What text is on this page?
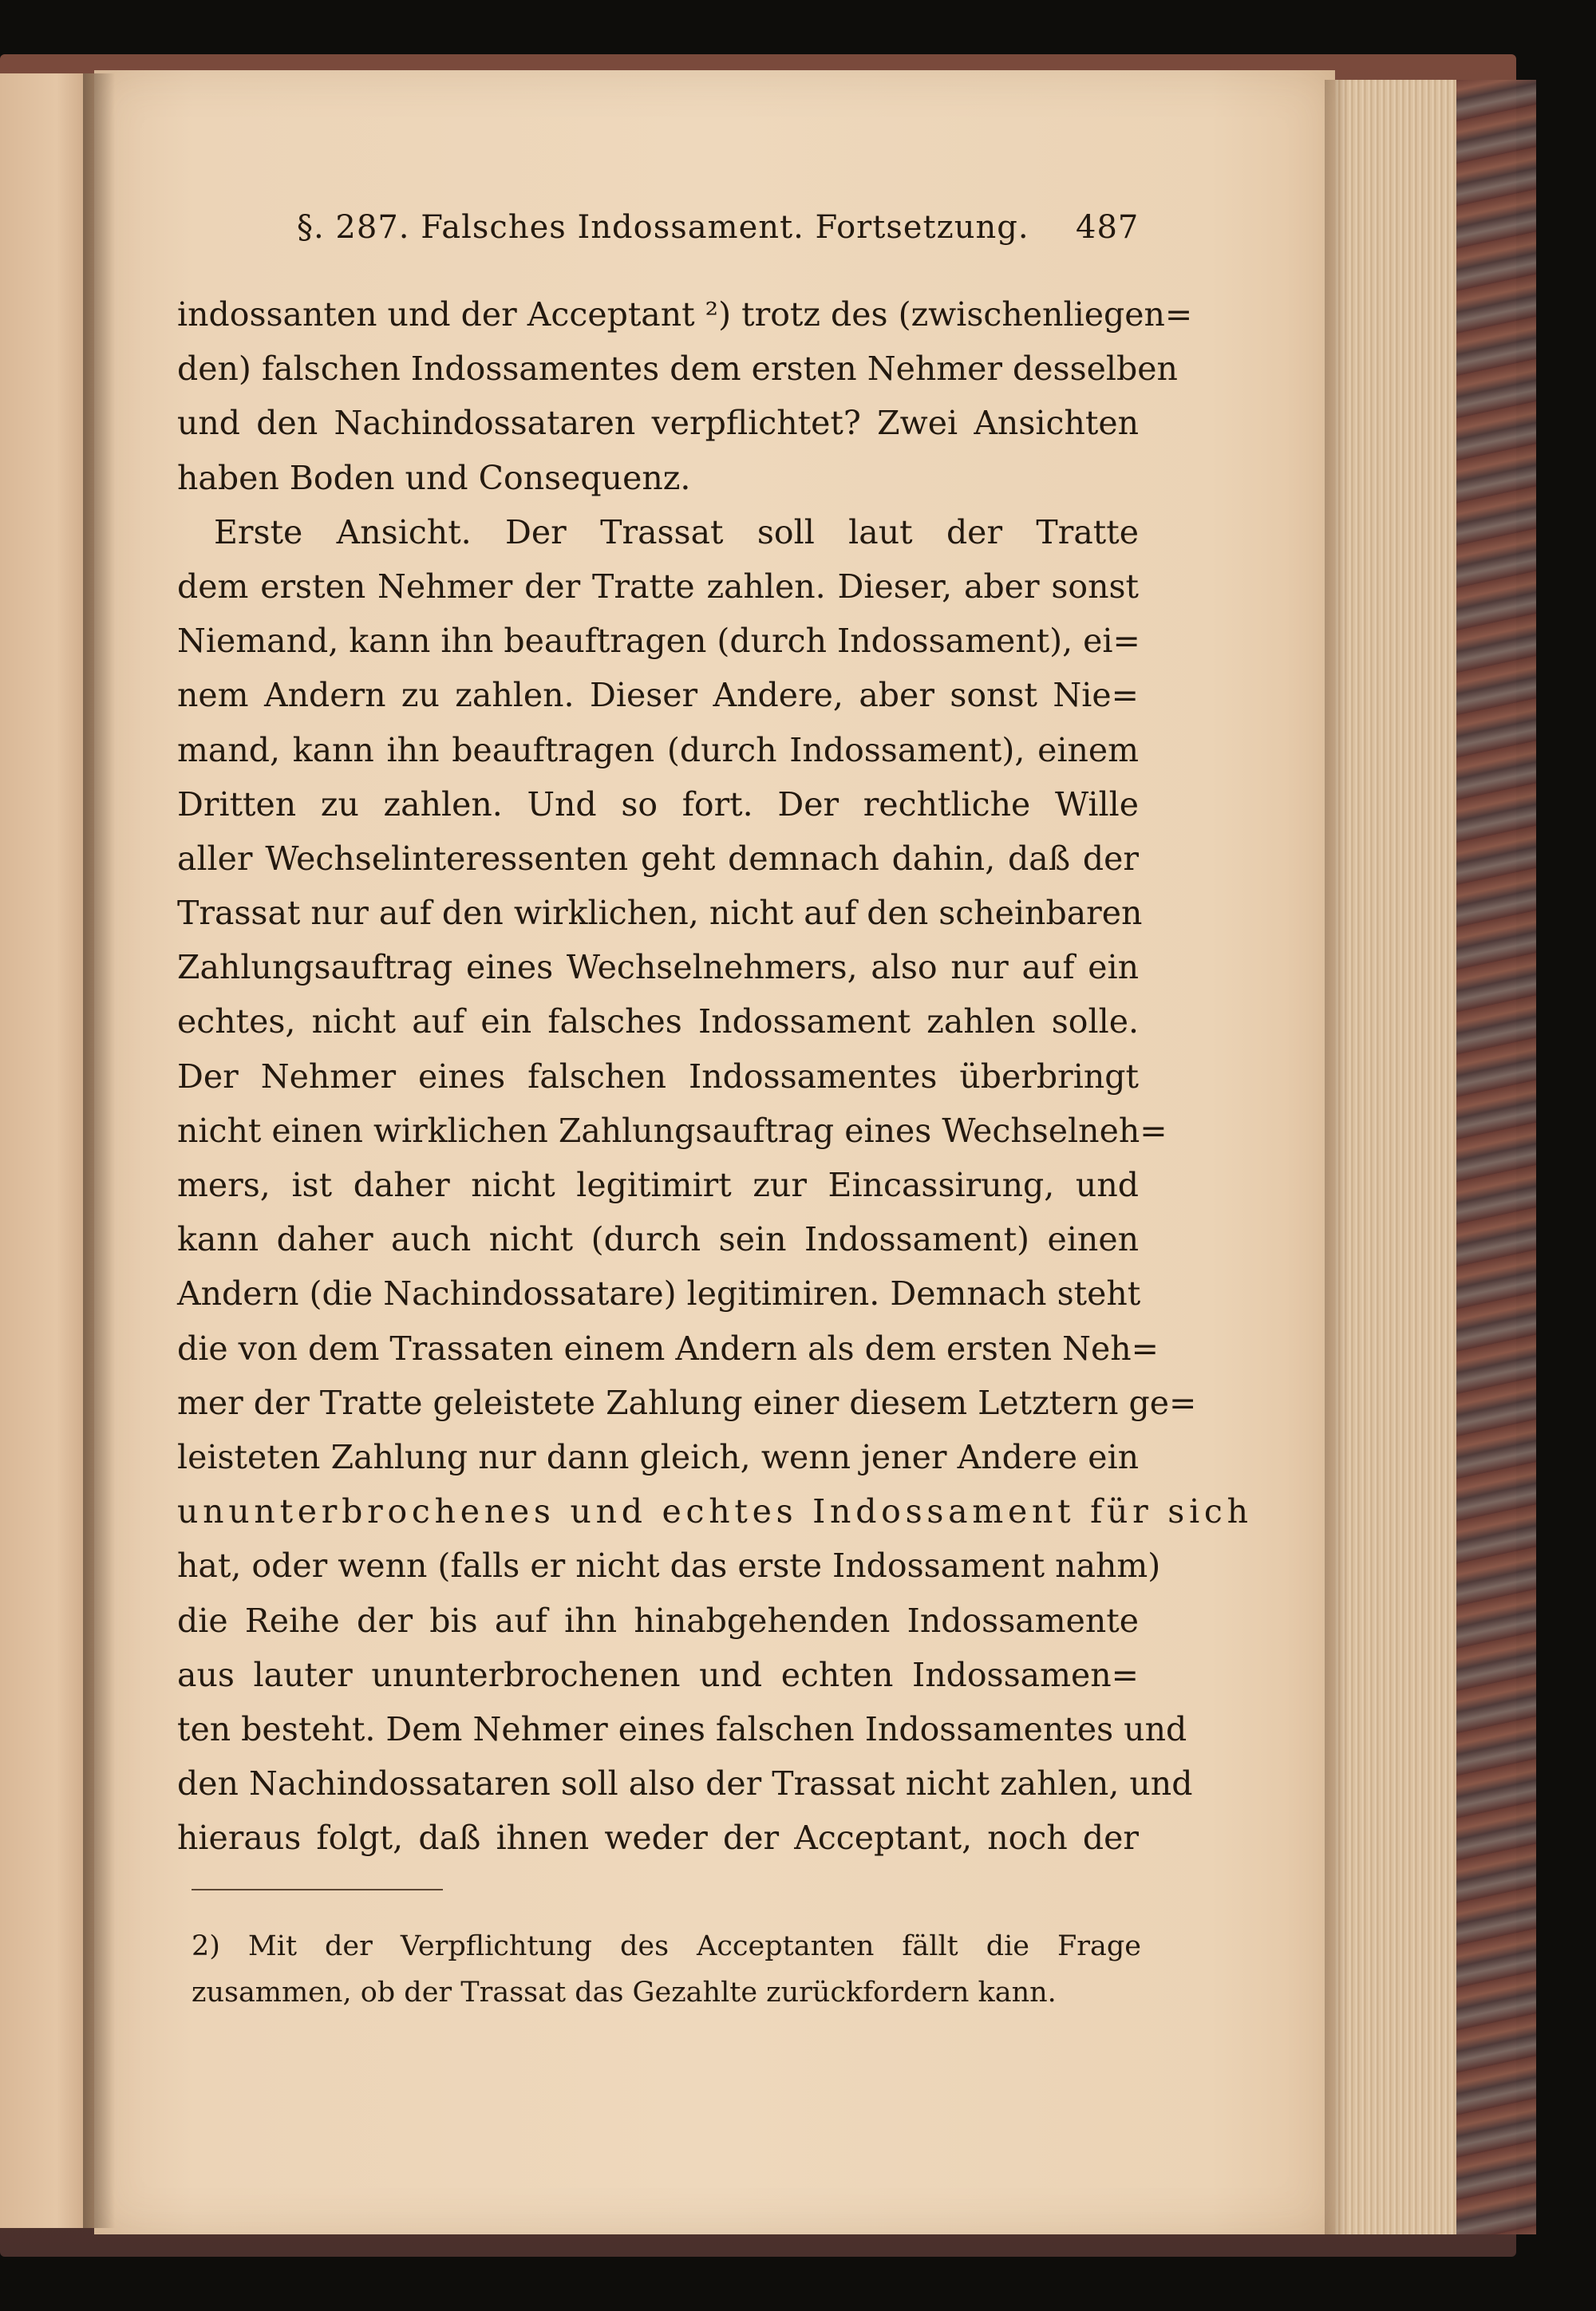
§. 287. Falsches Indossament. Fortsetzung. 487
indossanten und der Acceptant ²) trotz des (zwischenliegen=
den) falschen Indossamentes dem ersten Nehmer desselben
und den Nachindossataren verpflichtet? Zwei Ansichten
haben Boden und Consequenz.
Erste Ansicht. Der Trassat soll laut der Tratte
dem ersten Nehmer der Tratte zahlen. Dieser, aber sonst
Niemand, kann ihn beauftragen (durch Indossament), ei=
nem Andern zu zahlen. Dieser Andere, aber sonst Nie=
mand, kann ihn beauftragen (durch Indossament), einem
Dritten zu zahlen. Und so fort. Der rechtliche Wille
aller Wechselinteressenten geht demnach dahin, daß der
Trassat nur auf den wirklichen, nicht auf den scheinbaren
Zahlungsauftrag eines Wechselnehmers, also nur auf ein
echtes, nicht auf ein falsches Indossament zahlen solle.
Der Nehmer eines falschen Indossamentes überbringt
nicht einen wirklichen Zahlungsauftrag eines Wechselneh=
mers, ist daher nicht legitimirt zur Eincassirung, und
kann daher auch nicht (durch sein Indossament) einen
Andern (die Nachindossatare) legitimiren. Demnach steht
die von dem Trassaten einem Andern als dem ersten Neh=
mer der Tratte geleistete Zahlung einer diesem Letztern ge=
leisteten Zahlung nur dann gleich, wenn jener Andere ein
ununterbrochenes und echtes Indossament für sich
hat, oder wenn (falls er nicht das erste Indossament nahm)
die Reihe der bis auf ihn hinabgehenden Indossamente
aus lauter ununterbrochenen und echten Indossamen=
ten besteht. Dem Nehmer eines falschen Indossamentes und
den Nachindossataren soll also der Trassat nicht zahlen, und
hieraus folgt, daß ihnen weder der Acceptant, noch der
2) Mit der Verpflichtung des Acceptanten fällt die Frage
zusammen, ob der Trassat das Gezahlte zurückfordern kann.
